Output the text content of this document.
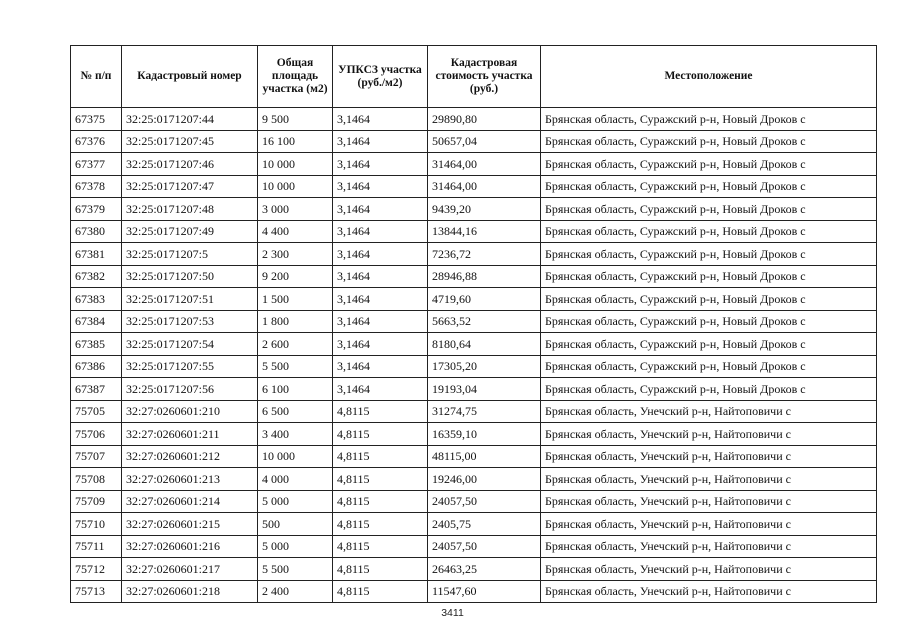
№ п/п	Кадастровый номер	Общая площадь участка (м2)	УПКСЗ участка (руб./м2)	Кадастровая стоимость участка (руб.)	Местоположение
67375	32:25:0171207:44	9 500	3,1464	29890,80	Брянская область, Суражский р-н, Новый Дроков с
67376	32:25:0171207:45	16 100	3,1464	50657,04	Брянская область, Суражский р-н, Новый Дроков с
67377	32:25:0171207:46	10 000	3,1464	31464,00	Брянская область, Суражский р-н, Новый Дроков с
67378	32:25:0171207:47	10 000	3,1464	31464,00	Брянская область, Суражский р-н, Новый Дроков с
67379	32:25:0171207:48	3 000	3,1464	9439,20	Брянская область, Суражский р-н, Новый Дроков с
67380	32:25:0171207:49	4 400	3,1464	13844,16	Брянская область, Суражский р-н, Новый Дроков с
67381	32:25:0171207:5	2 300	3,1464	7236,72	Брянская область, Суражский р-н, Новый Дроков с
67382	32:25:0171207:50	9 200	3,1464	28946,88	Брянская область, Суражский р-н, Новый Дроков с
67383	32:25:0171207:51	1 500	3,1464	4719,60	Брянская область, Суражский р-н, Новый Дроков с
67384	32:25:0171207:53	1 800	3,1464	5663,52	Брянская область, Суражский р-н, Новый Дроков с
67385	32:25:0171207:54	2 600	3,1464	8180,64	Брянская область, Суражский р-н, Новый Дроков с
67386	32:25:0171207:55	5 500	3,1464	17305,20	Брянская область, Суражский р-н, Новый Дроков с
67387	32:25:0171207:56	6 100	3,1464	19193,04	Брянская область, Суражский р-н, Новый Дроков с
75705	32:27:0260601:210	6 500	4,8115	31274,75	Брянская область, Унечский р-н, Найтоповичи с
75706	32:27:0260601:211	3 400	4,8115	16359,10	Брянская область, Унечский р-н, Найтоповичи с
75707	32:27:0260601:212	10 000	4,8115	48115,00	Брянская область, Унечский р-н, Найтоповичи с
75708	32:27:0260601:213	4 000	4,8115	19246,00	Брянская область, Унечский р-н, Найтоповичи с
75709	32:27:0260601:214	5 000	4,8115	24057,50	Брянская область, Унечский р-н, Найтоповичи с
75710	32:27:0260601:215	500	4,8115	2405,75	Брянская область, Унечский р-н, Найтоповичи с
75711	32:27:0260601:216	5 000	4,8115	24057,50	Брянская область, Унечский р-н, Найтоповичи с
75712	32:27:0260601:217	5 500	4,8115	26463,25	Брянская область, Унечский р-н, Найтоповичи с
75713	32:27:0260601:218	2 400	4,8115	11547,60	Брянская область, Унечский р-н, Найтоповичи с
3411
